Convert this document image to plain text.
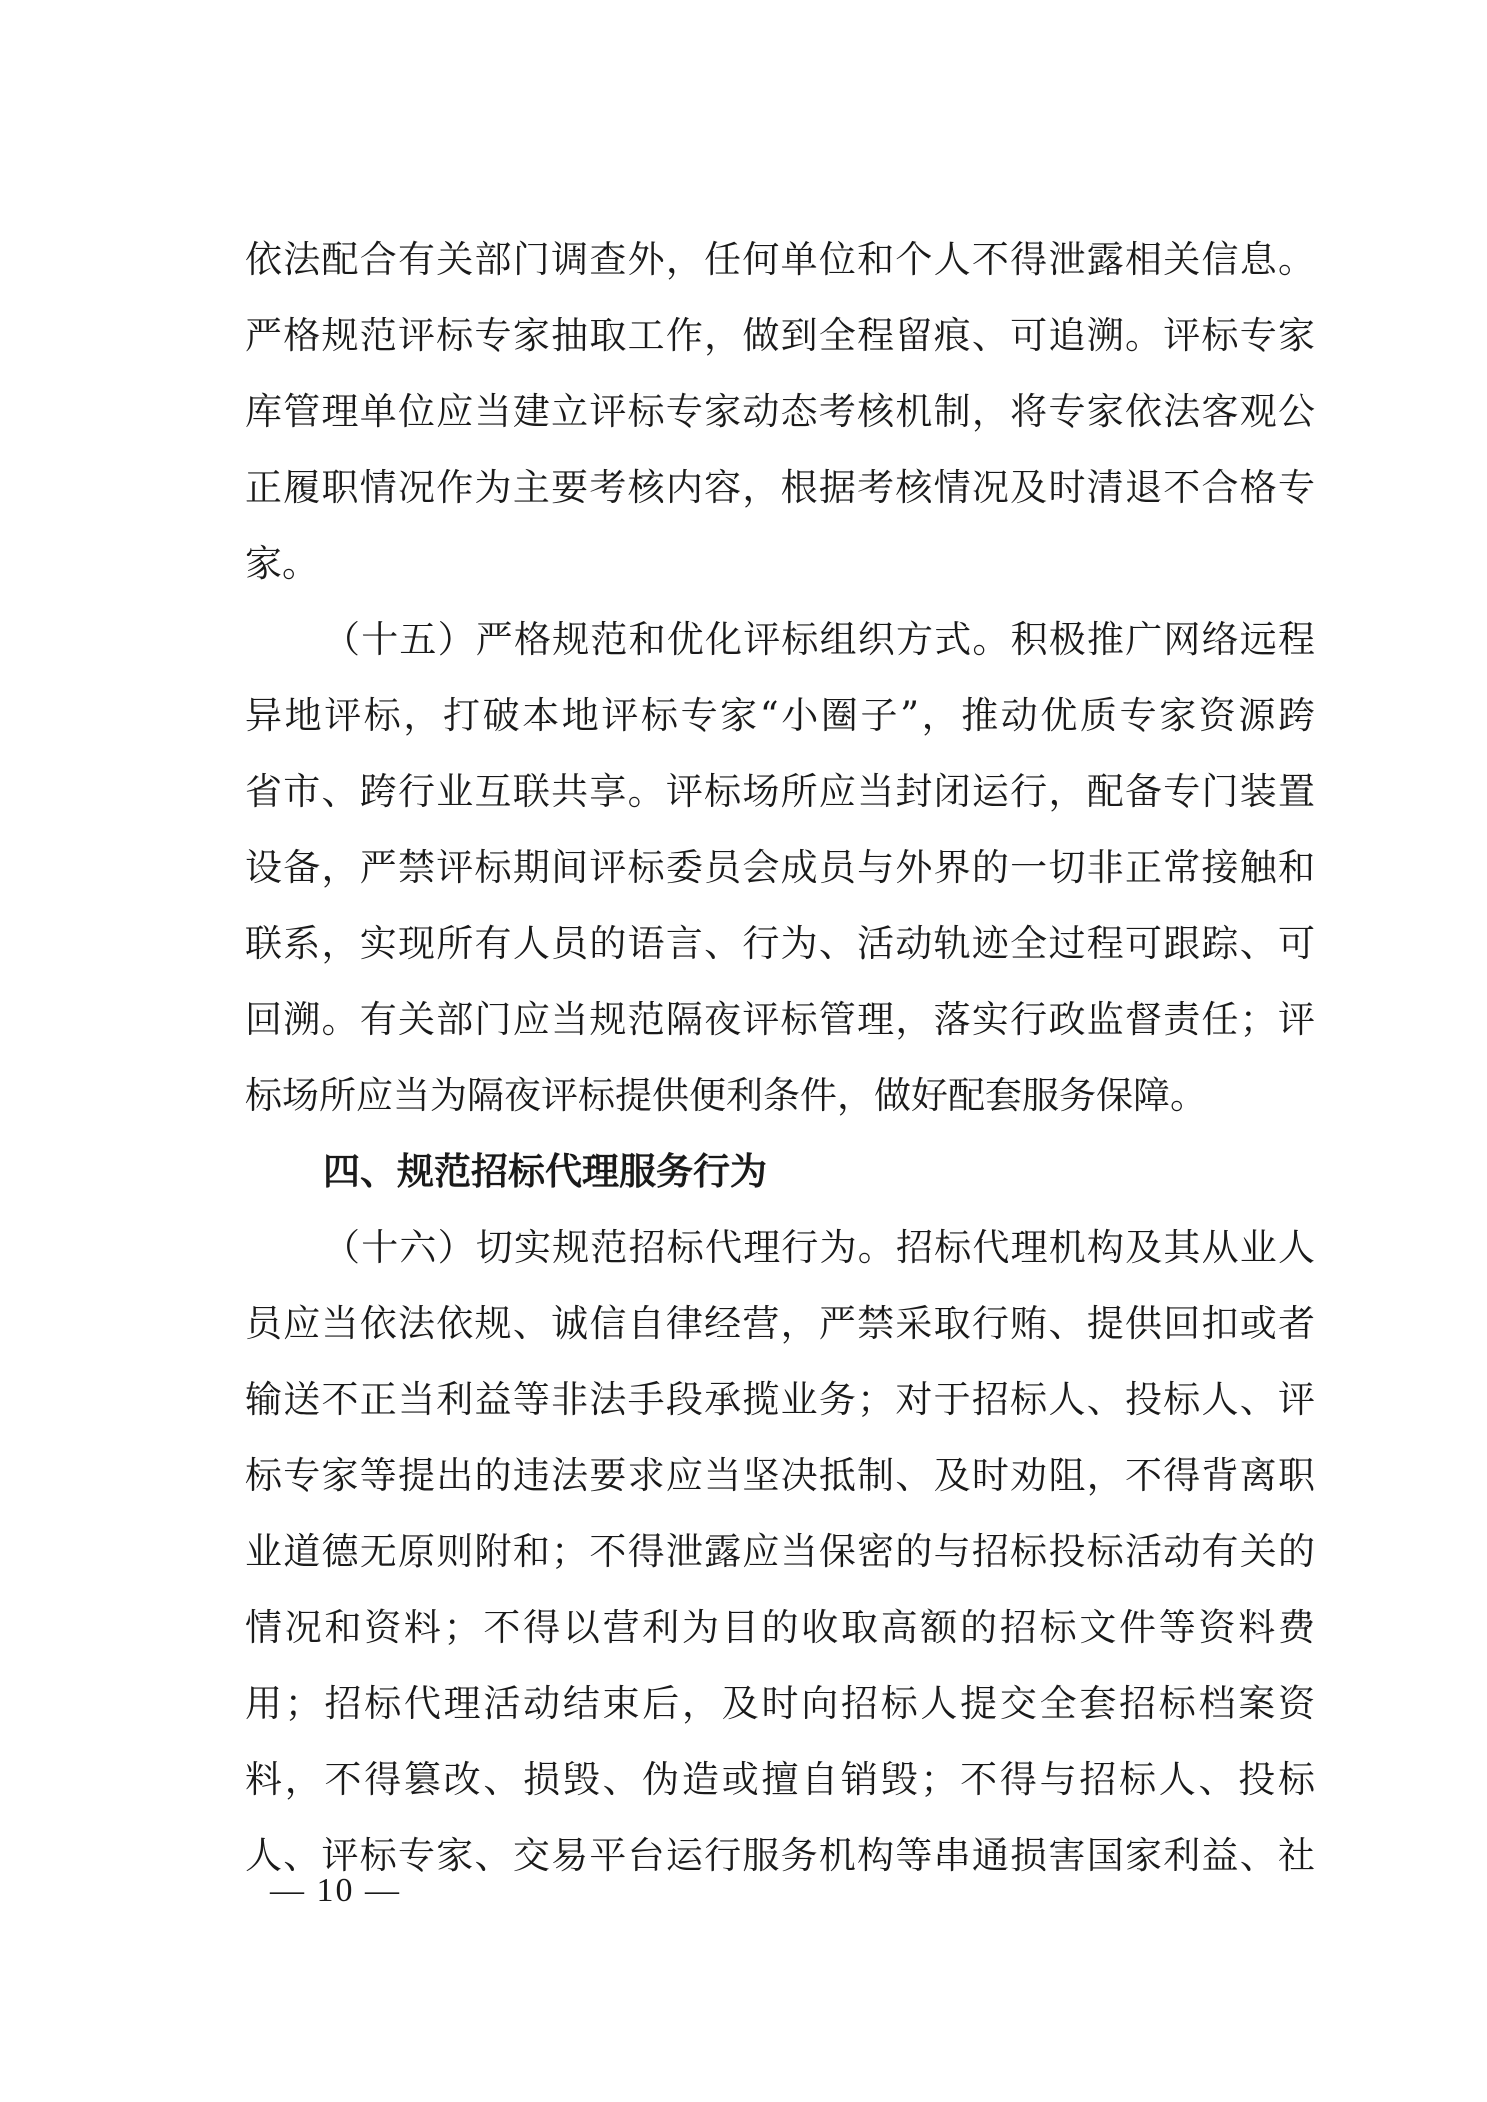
依法配合有关部门调查外，任何单位和个人不得泄露相关信息。
严格规范评标专家抽取工作，做到全程留痕、可追溯。评标专家
库管理单位应当建立评标专家动态考核机制，将专家依法客观公
正履职情况作为主要考核内容，根据考核情况及时清退不合格专
家。
（十五）严格规范和优化评标组织方式。积极推广网络远程
异地评标，打破本地评标专家“小圈子”，推动优质专家资源跨
省市、跨行业互联共享。评标场所应当封闭运行，配备专门装置
设备，严禁评标期间评标委员会成员与外界的一切非正常接触和
联系，实现所有人员的语言、行为、活动轨迹全过程可跟踪、可
回溯。有关部门应当规范隔夜评标管理，落实行政监督责任；评
标场所应当为隔夜评标提供便利条件，做好配套服务保障。
四、规范招标代理服务行为
（十六）切实规范招标代理行为。招标代理机构及其从业人
员应当依法依规、诚信自律经营，严禁采取行贿、提供回扣或者
输送不正当利益等非法手段承揽业务；对于招标人、投标人、评
标专家等提出的违法要求应当坚决抵制、及时劝阻，不得背离职
业道德无原则附和；不得泄露应当保密的与招标投标活动有关的
情况和资料；不得以营利为目的收取高额的招标文件等资料费
用；招标代理活动结束后，及时向招标人提交全套招标档案资
料，不得篡改、损毁、伪造或擅自销毁；不得与招标人、投标
人、评标专家、交易平台运行服务机构等串通损害国家利益、社
— 10 —
